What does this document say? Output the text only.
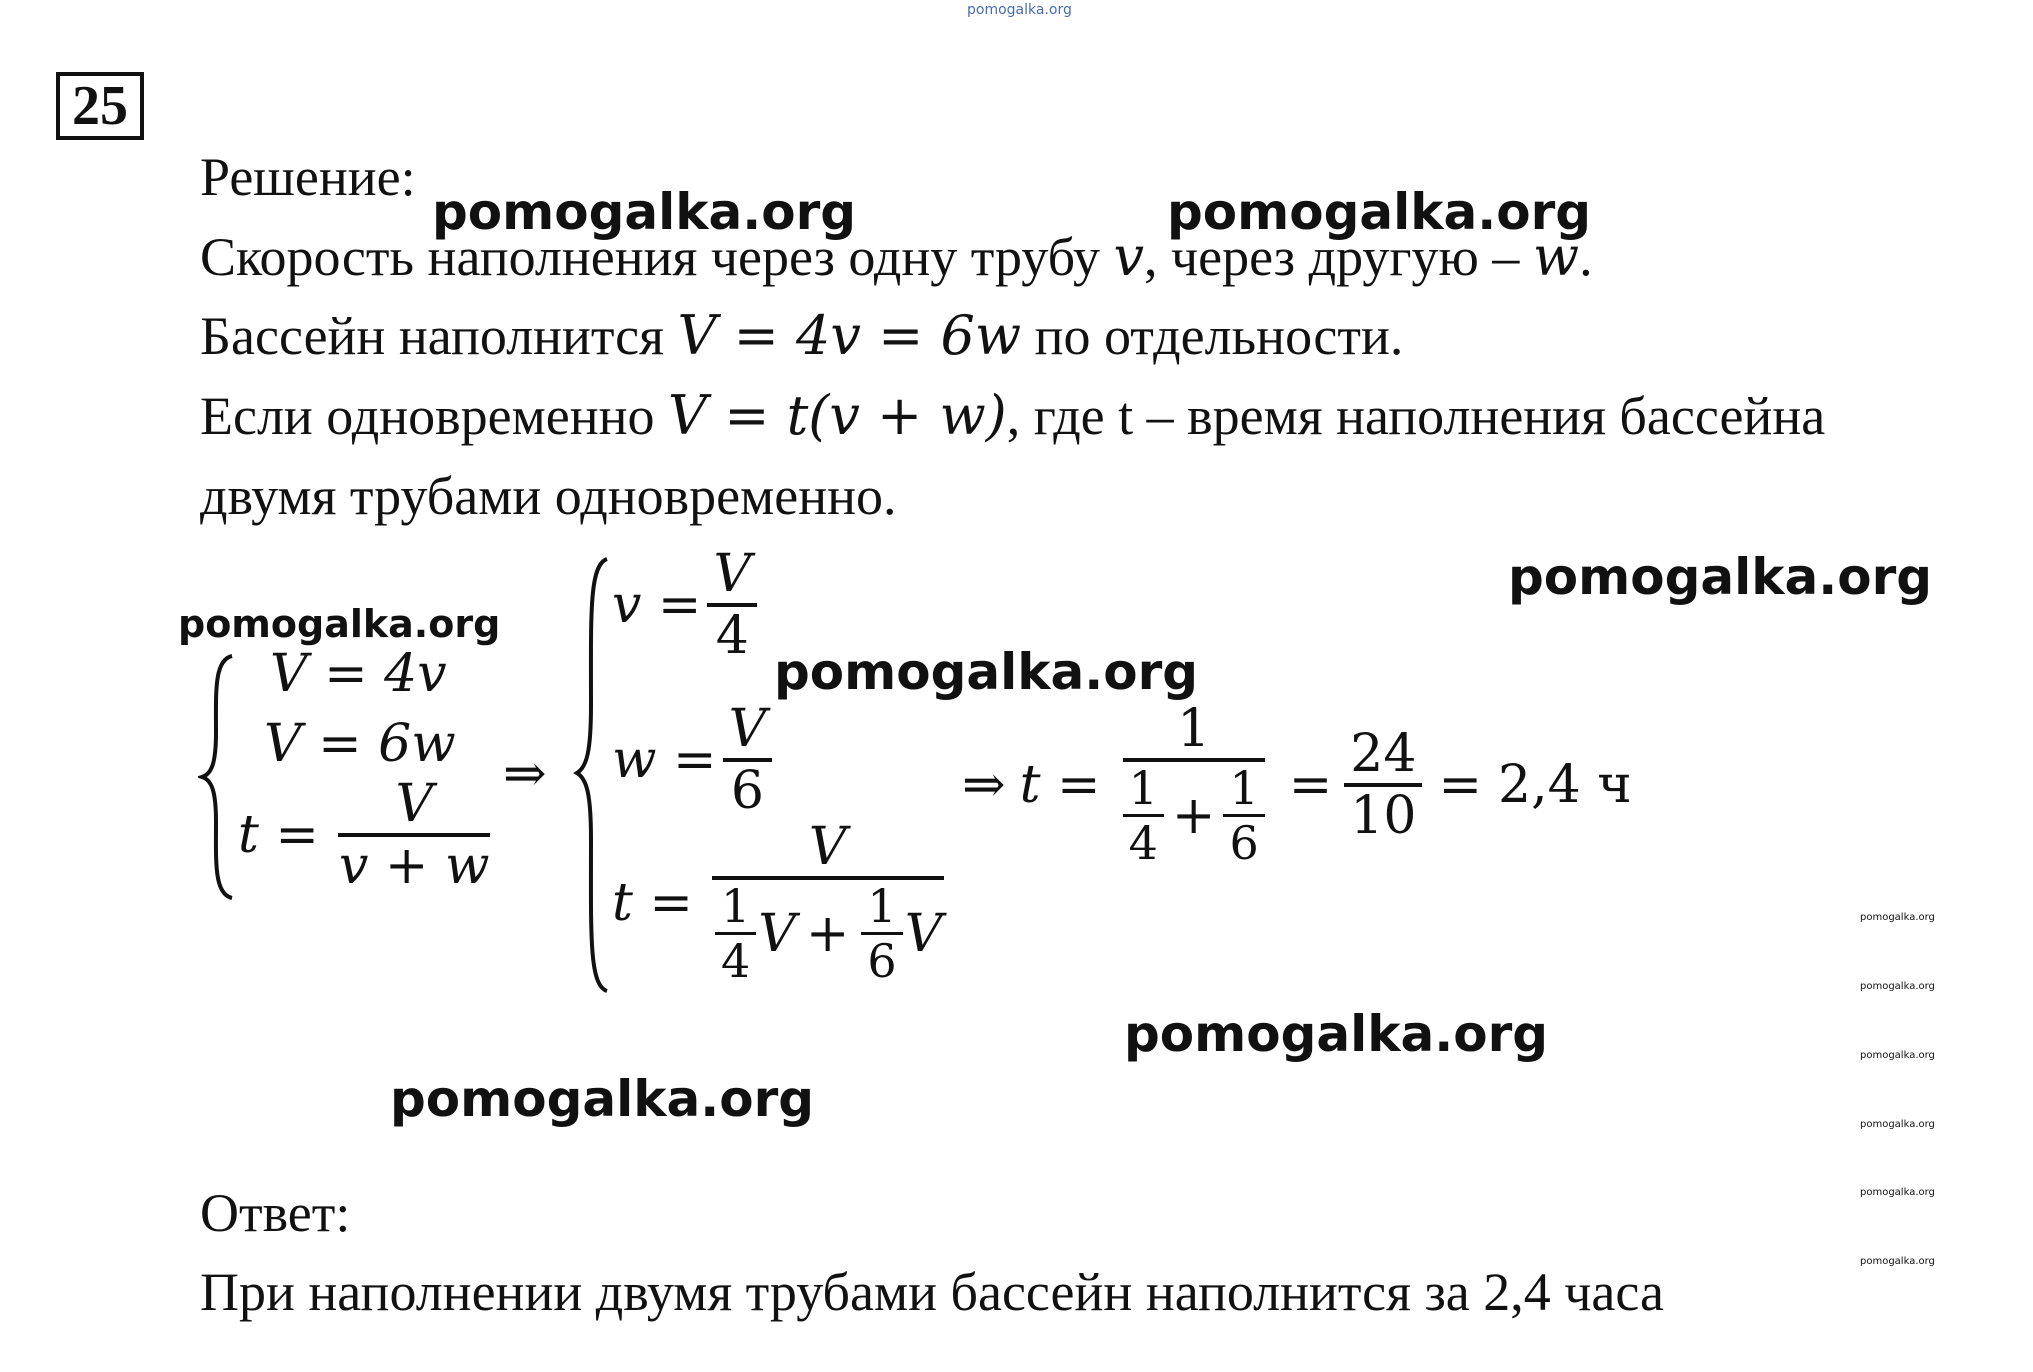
pomogalka.org
25
Решение:
Скорость наполнения через одну трубу v, через другую – w.
Бассейн наполнится V = 4v = 6w по отдельности.
Если одновременно V = t(v + w), где t – время наполнения бассейна
двумя трубами одновременно.
pomogalka.org	pomogalka.org
pomogalka.org
pomogalka.org
pomogalka.org
pomogalka.org
pomogalka.org
pomogalka.org
pomogalka.org
pomogalka.org
pomogalka.org
pomogalka.org
pomogalka.org
V = 4v
V = 6w
$t = \frac{V}{v + w}$
⇒
$v = \frac{V}{4}$
$w = \frac{V}{6}$
t =
V
$\frac{1}{4}$ $V + \frac{1}{6}$ V
⇒ $t = \frac{1}{\frac{1}{4} + \frac{1}{6}} = \frac{24}{10} = 2,4$ ч
Ответ:
При наполнении двумя трубами бассейн наполнится за 2,4 часа
